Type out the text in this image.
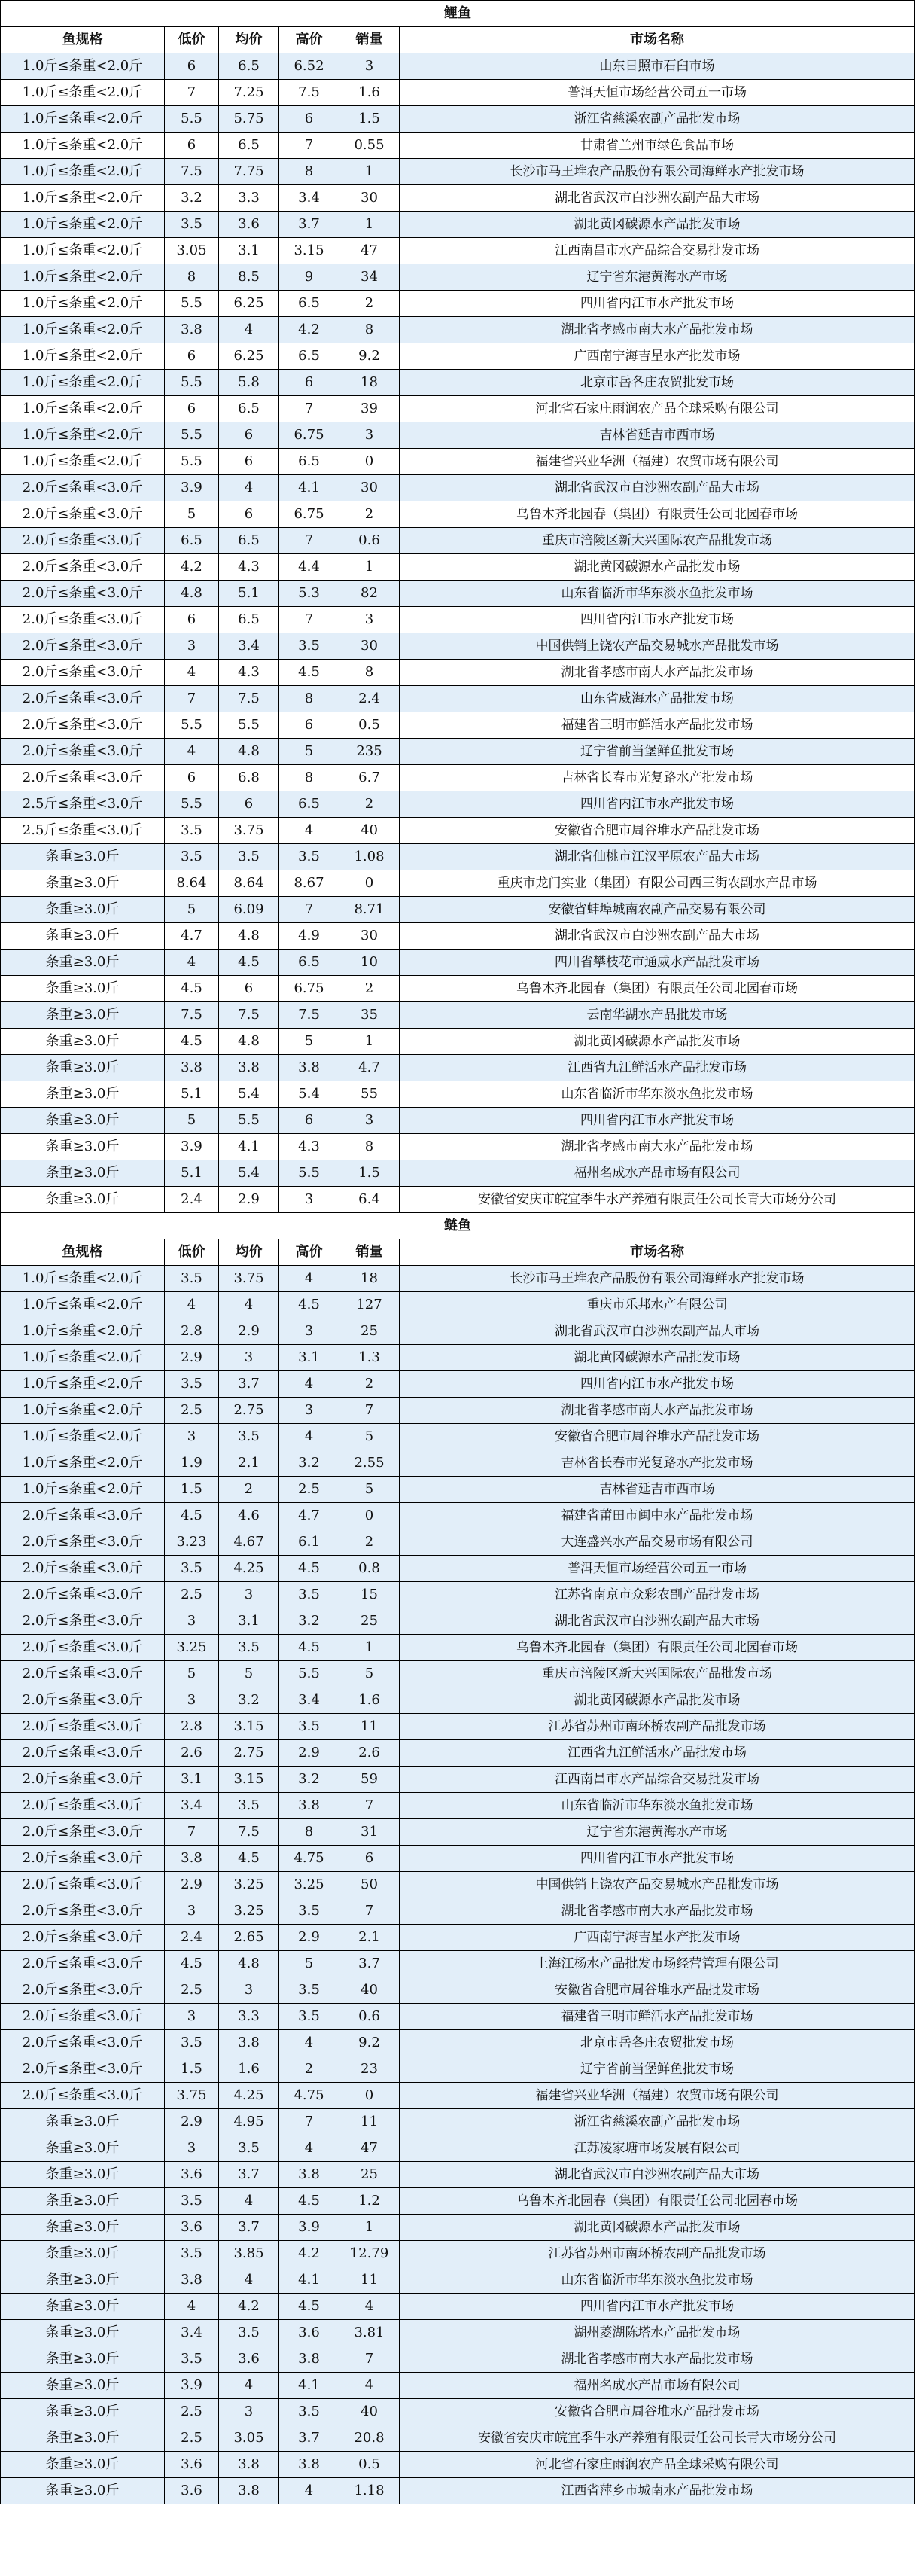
鲤鱼					
鱼规格	低价	均价	高价	销量	市场名称
1.0斤≤条重<2.0斤	6	6.5	6.52	3	山东日照市石臼市场
1.0斤≤条重<2.0斤	7	7.25	7.5	1.6	普洱天恒市场经营公司五一市场
1.0斤≤条重<2.0斤	5.5	5.75	6	1.5	浙江省慈溪农副产品批发市场
1.0斤≤条重<2.0斤	6	6.5	7	0.55	甘肃省兰州市绿色食品市场
1.0斤≤条重<2.0斤	7.5	7.75	8	1	长沙市马王堆农产品股份有限公司海鲜水产批发市场
1.0斤≤条重<2.0斤	3.2	3.3	3.4	30	湖北省武汉市白沙洲农副产品大市场
1.0斤≤条重<2.0斤	3.5	3.6	3.7	1	湖北黄冈碳源水产品批发市场
1.0斤≤条重<2.0斤	3.05	3.1	3.15	47	江西南昌市水产品综合交易批发市场
1.0斤≤条重<2.0斤	8	8.5	9	34	辽宁省东港黄海水产市场
1.0斤≤条重<2.0斤	5.5	6.25	6.5	2	四川省内江市水产批发市场
1.0斤≤条重<2.0斤	3.8	4	4.2	8	湖北省孝感市南大水产品批发市场
1.0斤≤条重<2.0斤	6	6.25	6.5	9.2	广西南宁海吉星水产批发市场
1.0斤≤条重<2.0斤	5.5	5.8	6	18	北京市岳各庄农贸批发市场
1.0斤≤条重<2.0斤	6	6.5	7	39	河北省石家庄雨润农产品全球采购有限公司
1.0斤≤条重<2.0斤	5.5	6	6.75	3	吉林省延吉市西市场
1.0斤≤条重<2.0斤	5.5	6	6.5	0	福建省兴业华洲（福建）农贸市场有限公司
2.0斤≤条重<3.0斤	3.9	4	4.1	30	湖北省武汉市白沙洲农副产品大市场
2.0斤≤条重<3.0斤	5	6	6.75	2	乌鲁木齐北园春（集团）有限责任公司北园春市场
2.0斤≤条重<3.0斤	6.5	6.5	7	0.6	重庆市涪陵区新大兴国际农产品批发市场
2.0斤≤条重<3.0斤	4.2	4.3	4.4	1	湖北黄冈碳源水产品批发市场
2.0斤≤条重<3.0斤	4.8	5.1	5.3	82	山东省临沂市华东淡水鱼批发市场
2.0斤≤条重<3.0斤	6	6.5	7	3	四川省内江市水产批发市场
2.0斤≤条重<3.0斤	3	3.4	3.5	30	中国供销上饶农产品交易城水产品批发市场
2.0斤≤条重<3.0斤	4	4.3	4.5	8	湖北省孝感市南大水产品批发市场
2.0斤≤条重<3.0斤	7	7.5	8	2.4	山东省威海水产品批发市场
2.0斤≤条重<3.0斤	5.5	5.5	6	0.5	福建省三明市鲜活水产品批发市场
2.0斤≤条重<3.0斤	4	4.8	5	235	辽宁省前当堡鲜鱼批发市场
2.0斤≤条重<3.0斤	6	6.8	8	6.7	吉林省长春市光复路水产批发市场
2.5斤≤条重<3.0斤	5.5	6	6.5	2	四川省内江市水产批发市场
2.5斤≤条重<3.0斤	3.5	3.75	4	40	安徽省合肥市周谷堆水产品批发市场
条重≥3.0斤	3.5	3.5	3.5	1.08	湖北省仙桃市江汉平原农产品大市场
条重≥3.0斤	8.64	8.64	8.67	0	重庆市龙门实业（集团）有限公司西三街农副水产品市场
条重≥3.0斤	5	6.09	7	8.71	安徽省蚌埠城南农副产品交易有限公司
条重≥3.0斤	4.7	4.8	4.9	30	湖北省武汉市白沙洲农副产品大市场
条重≥3.0斤	4	4.5	6.5	10	四川省攀枝花市通威水产品批发市场
条重≥3.0斤	4.5	6	6.75	2	乌鲁木齐北园春（集团）有限责任公司北园春市场
条重≥3.0斤	7.5	7.5	7.5	35	云南华湖水产品批发市场
条重≥3.0斤	4.5	4.8	5	1	湖北黄冈碳源水产品批发市场
条重≥3.0斤	3.8	3.8	3.8	4.7	江西省九江鲜活水产品批发市场
条重≥3.0斤	5.1	5.4	5.4	55	山东省临沂市华东淡水鱼批发市场
条重≥3.0斤	5	5.5	6	3	四川省内江市水产批发市场
条重≥3.0斤	3.9	4.1	4.3	8	湖北省孝感市南大水产品批发市场
条重≥3.0斤	5.1	5.4	5.5	1.5	福州名成水产品市场有限公司
条重≥3.0斤	2.4	2.9	3	6.4	安徽省安庆市皖宜季牛水产养殖有限责任公司长青大市场分公司
鲢鱼					
鱼规格	低价	均价	高价	销量	市场名称
1.0斤≤条重<2.0斤	3.5	3.75	4	18	长沙市马王堆农产品股份有限公司海鲜水产批发市场
1.0斤≤条重<2.0斤	4	4	4.5	127	重庆市乐邦水产有限公司
1.0斤≤条重<2.0斤	2.8	2.9	3	25	湖北省武汉市白沙洲农副产品大市场
1.0斤≤条重<2.0斤	2.9	3	3.1	1.3	湖北黄冈碳源水产品批发市场
1.0斤≤条重<2.0斤	3.5	3.7	4	2	四川省内江市水产批发市场
1.0斤≤条重<2.0斤	2.5	2.75	3	7	湖北省孝感市南大水产品批发市场
1.0斤≤条重<2.0斤	3	3.5	4	5	安徽省合肥市周谷堆水产品批发市场
1.0斤≤条重<2.0斤	1.9	2.1	3.2	2.55	吉林省长春市光复路水产批发市场
1.0斤≤条重<2.0斤	1.5	2	2.5	5	吉林省延吉市西市场
2.0斤≤条重<3.0斤	4.5	4.6	4.7	0	福建省莆田市闽中水产品批发市场
2.0斤≤条重<3.0斤	3.23	4.67	6.1	2	大连盛兴水产品交易市场有限公司
2.0斤≤条重<3.0斤	3.5	4.25	4.5	0.8	普洱天恒市场经营公司五一市场
2.0斤≤条重<3.0斤	2.5	3	3.5	15	江苏省南京市众彩农副产品批发市场
2.0斤≤条重<3.0斤	3	3.1	3.2	25	湖北省武汉市白沙洲农副产品大市场
2.0斤≤条重<3.0斤	3.25	3.5	4.5	1	乌鲁木齐北园春（集团）有限责任公司北园春市场
2.0斤≤条重<3.0斤	5	5	5.5	5	重庆市涪陵区新大兴国际农产品批发市场
2.0斤≤条重<3.0斤	3	3.2	3.4	1.6	湖北黄冈碳源水产品批发市场
2.0斤≤条重<3.0斤	2.8	3.15	3.5	11	江苏省苏州市南环桥农副产品批发市场
2.0斤≤条重<3.0斤	2.6	2.75	2.9	2.6	江西省九江鲜活水产品批发市场
2.0斤≤条重<3.0斤	3.1	3.15	3.2	59	江西南昌市水产品综合交易批发市场
2.0斤≤条重<3.0斤	3.4	3.5	3.8	7	山东省临沂市华东淡水鱼批发市场
2.0斤≤条重<3.0斤	7	7.5	8	31	辽宁省东港黄海水产市场
2.0斤≤条重<3.0斤	3.8	4.5	4.75	6	四川省内江市水产批发市场
2.0斤≤条重<3.0斤	2.9	3.25	3.25	50	中国供销上饶农产品交易城水产品批发市场
2.0斤≤条重<3.0斤	3	3.25	3.5	7	湖北省孝感市南大水产品批发市场
2.0斤≤条重<3.0斤	2.4	2.65	2.9	2.1	广西南宁海吉星水产批发市场
2.0斤≤条重<3.0斤	4.5	4.8	5	3.7	上海江杨水产品批发市场经营管理有限公司
2.0斤≤条重<3.0斤	2.5	3	3.5	40	安徽省合肥市周谷堆水产品批发市场
2.0斤≤条重<3.0斤	3	3.3	3.5	0.6	福建省三明市鲜活水产品批发市场
2.0斤≤条重<3.0斤	3.5	3.8	4	9.2	北京市岳各庄农贸批发市场
2.0斤≤条重<3.0斤	1.5	1.6	2	23	辽宁省前当堡鲜鱼批发市场
2.0斤≤条重<3.0斤	3.75	4.25	4.75	0	福建省兴业华洲（福建）农贸市场有限公司
条重≥3.0斤	2.9	4.95	7	11	浙江省慈溪农副产品批发市场
条重≥3.0斤	3	3.5	4	47	江苏凌家塘市场发展有限公司
条重≥3.0斤	3.6	3.7	3.8	25	湖北省武汉市白沙洲农副产品大市场
条重≥3.0斤	3.5	4	4.5	1.2	乌鲁木齐北园春（集团）有限责任公司北园春市场
条重≥3.0斤	3.6	3.7	3.9	1	湖北黄冈碳源水产品批发市场
条重≥3.0斤	3.5	3.85	4.2	12.79	江苏省苏州市南环桥农副产品批发市场
条重≥3.0斤	3.8	4	4.1	11	山东省临沂市华东淡水鱼批发市场
条重≥3.0斤	4	4.2	4.5	4	四川省内江市水产批发市场
条重≥3.0斤	3.4	3.5	3.6	3.81	湖州菱湖陈塔水产品批发市场
条重≥3.0斤	3.5	3.6	3.8	7	湖北省孝感市南大水产品批发市场
条重≥3.0斤	3.9	4	4.1	4	福州名成水产品市场有限公司
条重≥3.0斤	2.5	3	3.5	40	安徽省合肥市周谷堆水产品批发市场
条重≥3.0斤	2.5	3.05	3.7	20.8	安徽省安庆市皖宜季牛水产养殖有限责任公司长青大市场分公司
条重≥3.0斤	3.6	3.8	3.8	0.5	河北省石家庄雨润农产品全球采购有限公司
条重≥3.0斤	3.6	3.8	4	1.18	江西省萍乡市城南水产品批发市场
